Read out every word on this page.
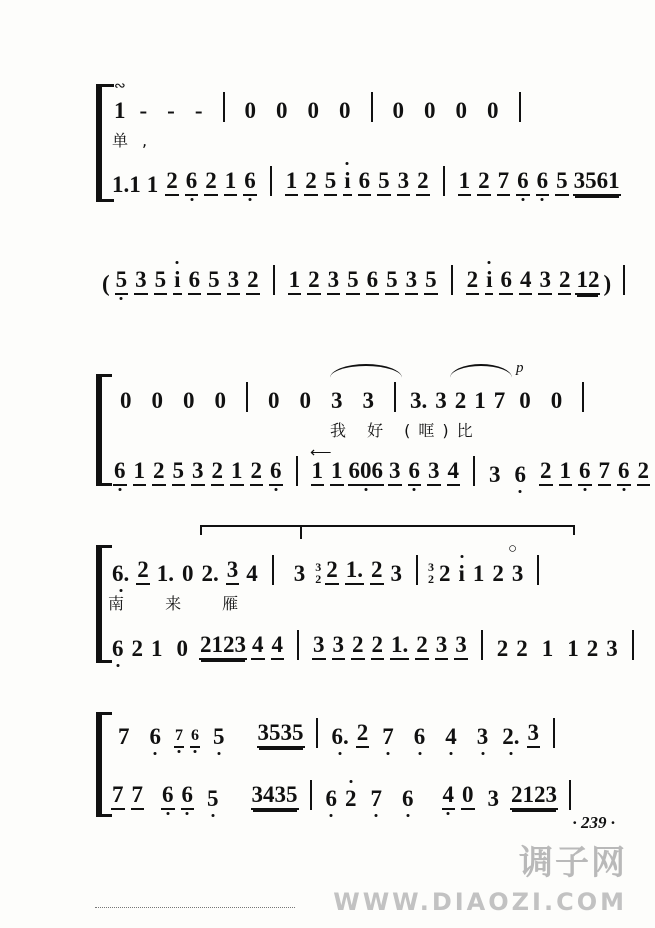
∾
1 - - - 0 0 0 0 0 0 0 0
单,
1.1 1 2 6 2 1 6 1 2 5 i 6 5 3 2 1 2 7 6 6 5 3561
( 5 3 5 i 6 5 3 2 1 2 3 5 6 5 3 5 2 i 6 4 3 2 12 )
p
0 0 0 0 0 0 3 3 3. 3 2 1 7 0 0
我 好 (哐)比
⟵
6 1 2 5 3 2 1 2 6 1 1 606 3 6 3 4 3 6 2 1 6 7 6 2
○
6. 2 1. 0 2. 3 4 3 3
2 2 1. 2 3 3
2 2 i 1 2 3
南 来 雁
6 2 1 0 2123 4 4 3 3 2 2 1. 2 3 3 2 2 1 1 2 3
7 6 7 6 5 3535 6. 2 7 6 4 3 2. 3
7 7 6 6 5 3435 6 2 7 6 4 0 3 2123
· 239 ·
调子网
WWW.DIAOZI.COM
